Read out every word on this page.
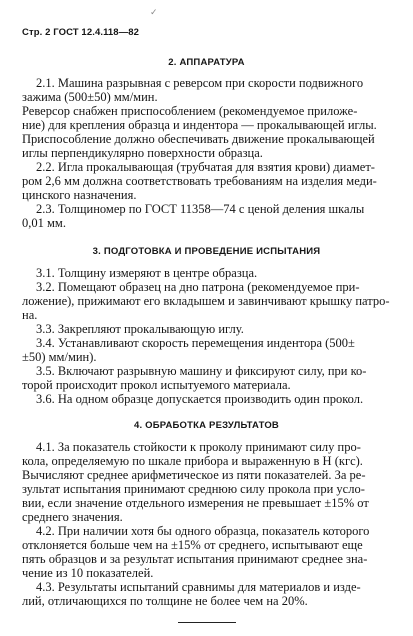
Стр. 2 ГОСТ 12.4.118—82
✓
2. АППАРАТУРА
2.1. Машина разрывная с реверсом при скорости подвижного
зажима (500±50) мм/мин.
Реверсор снабжен приспособлением (рекомендуемое приложе-
ние) для крепления образца и индентора — прокалывающей иглы.
Приспособление должно обеспечивать движение прокалывающей
иглы перпендикулярно поверхности образца.
2.2. Игла прокалывающая (трубчатая для взятия крови) диамет-
ром 2,6 мм должна соответствовать требованиям на изделия меди-
цинского назначения.
2.3. Толщиномер по ГОСТ 11358—74 с ценой деления шкалы
0,01 мм.
3. ПОДГОТОВКА И ПРОВЕДЕНИЕ ИСПЫТАНИЯ
3.1. Толщину измеряют в центре образца.
3.2. Помещают образец на дно патрона (рекомендуемое при-
ложение), прижимают его вкладышем и завинчивают крышку патро-
на.
3.3. Закрепляют прокалывающую иглу.
3.4. Устанавливают скорость перемещения индентора (500±
±50) мм/мин).
3.5. Включают разрывную машину и фиксируют силу, при ко-
торой происходит прокол испытуемого материала.
3.6. На одном образце допускается производить один прокол.
4. ОБРАБОТКА РЕЗУЛЬТАТОВ
4.1. За показатель стойкости к проколу принимают силу про-
кола, определяемую по шкале прибора и выраженную в Н (кгс).
Вычисляют среднее арифметическое из пяти показателей. За ре-
зультат испытания принимают среднюю силу прокола при усло-
вии, если значение отдельного измерения не превышает ±15% от
среднего значения.
4.2. При наличии хотя бы одного образца, показатель которого
отклоняется больше чем на ±15% от среднего, испытывают еще
пять образцов и за результат испытания принимают среднее зна-
чение из 10 показателей.
4.3. Результаты испытаний сравнимы для материалов и изде-
лий, отличающихся по толщине не более чем на 20%.
